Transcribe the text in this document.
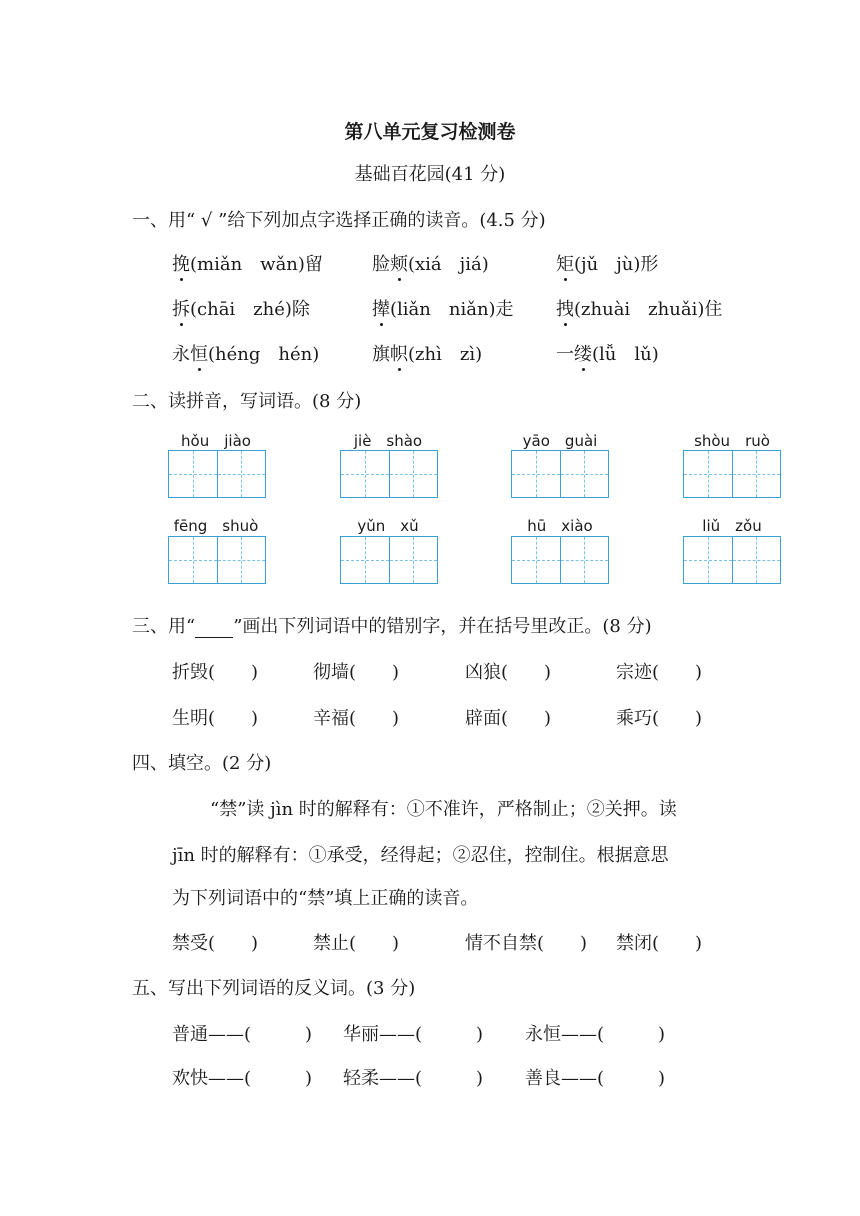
第八单元复习检测卷
基础百花园(41 分)
一、用“ √ ”给下列加点字选择正确的读音。(4.5 分)
挽(miǎn　wǎn)留	脸颊(xiá　jiá)	矩(jǔ　jù)形
拆(chāi　zhé)除	撵(liǎn　niǎn)走 拽(zhuài　zhuǎi)住
永恒(héng　hén)	旗帜(zhì　zì)	一缕(lǚ　lǔ)
二、读拼音，写词语。(8 分)
hǒu　jiào	jiè　shào	yāo　guài	shòu　ruò
fēng　shuò	yǔn　xǔ	hū　xiào	liǔ　zǒu
三、用“ ”画出下列词语中的错别字，并在括号里改正。(8 分)
折毁(　　)	彻墙(　　)	凶狼(　　)	宗迹(　　)
生明(　　)	辛福(　　)	辟面(　　)	乘巧(　　)
四、填空。(2 分)
“禁”读 jìn 时的解释有：①不准许，严格制止；②关押。读
jīn 时的解释有：①承受，经得起；②忍住，控制住。根据意思
为下列词语中的“禁”填上正确的读音。
禁受(　　)	禁止(　　)	情不自禁(　　) 禁闭(　　)
五、写出下列词语的反义词。(3 分)
普通——(　　　) 华丽——(　　　) 永恒——(　　　)
欢快——(　　　) 轻柔——(　　　) 善良——(　　　)
